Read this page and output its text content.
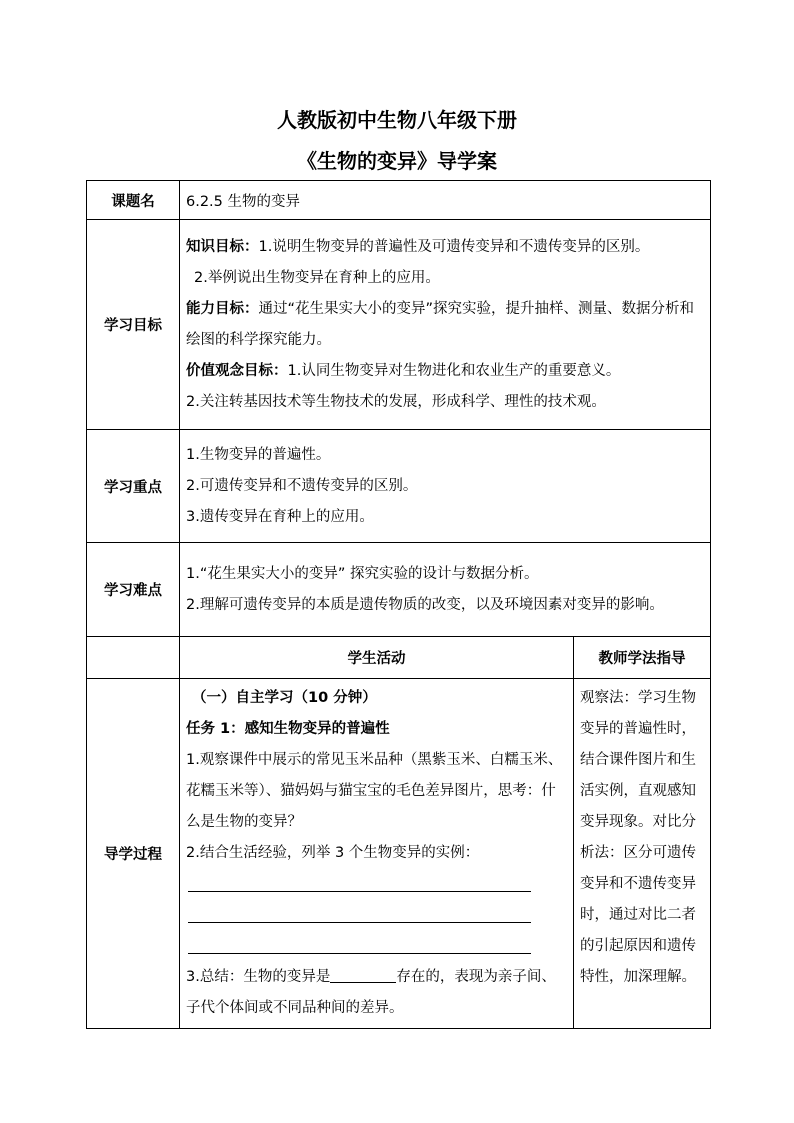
人教版初中生物八年级下册
《生物的变异》导学案
课题名	6.2.5 生物的变异	
学习目标	知识目标：1.说明生物变异的普遍性及可遗传变异和不遗传变异的区别。

2.举例说出生物变异在育种上的应用。

能力目标：通过“花生果实大小的变异”探究实验，提升抽样、测量、数据分析和绘图的科学探究能力。

价值观念目标：1.认同生物变异对生物进化和农业生产的重要意义。

2.关注转基因技术等生物技术的发展，形成科学、理性的技术观。	

学习重点	1.生物变异的普遍性。

2.可遗传变异和不遗传变异的区别。

3.遗传变异在育种上的应用。	

学习难点	1.“花生果实大小的变异” 探究实验的设计与数据分析。

2.理解可遗传变异的本质是遗传物质的改变，以及环境因素对变异的影响。	

	学生活动	教师学法指导
导学过程	（一）自主学习（10 分钟）

任务 1：感知生物变异的普遍性

1.观察课件中展示的常见玉米品种（黑紫玉米、白糯玉米、花糯玉米等）、猫妈妈与猫宝宝的毛色差异图片，思考：什么是生物的变异？

2.结合生活经验，列举 3 个生物变异的实例：

3.总结：生物的变异是 存在的，表现为亲子间、子代个体间或不同品种间的差异。	观察法：学习生物变异的普遍性时，结合课件图片和生活实例，直观感知变异现象。对比分析法：区分可遗传变异和不遗传变异时，通过对比二者的引起原因和遗传特性，加深理解。
